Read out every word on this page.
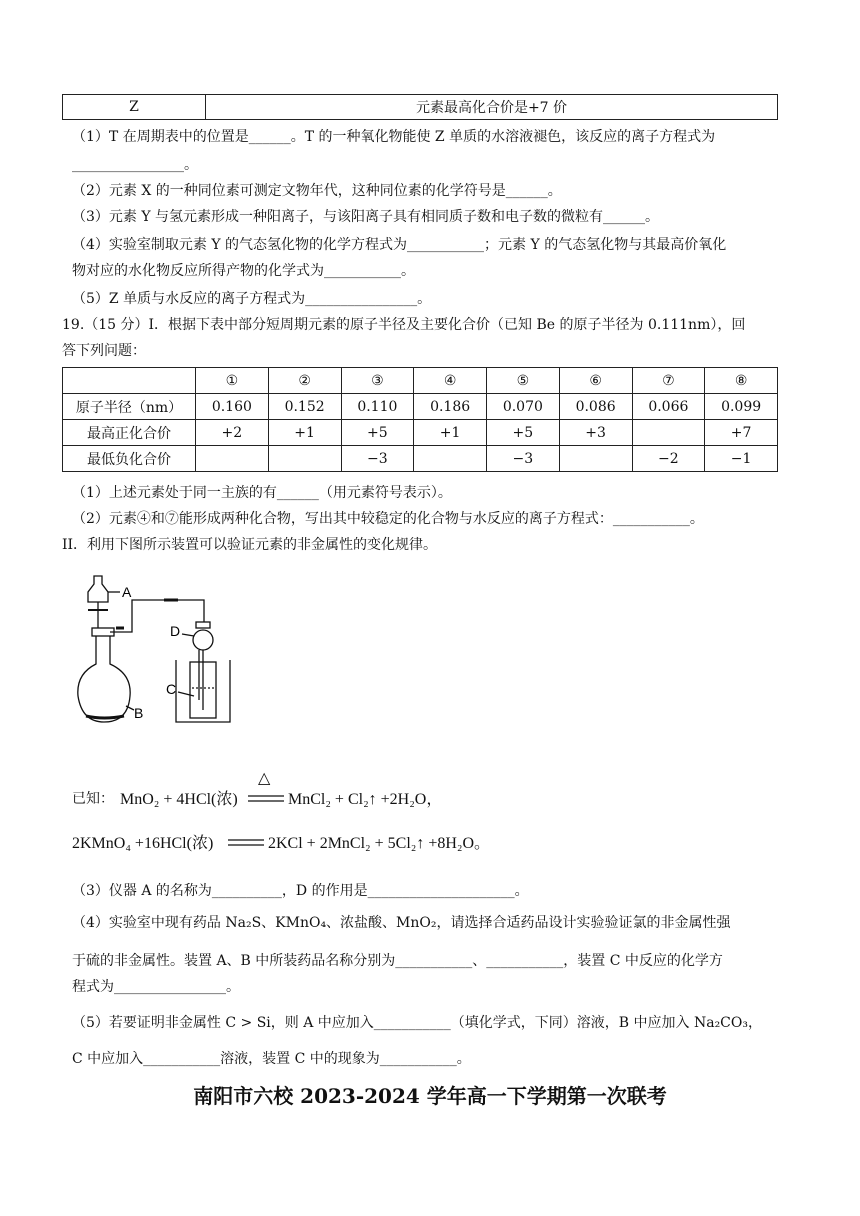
Z	元素最高化合价是+7 价
（1）T 在周期表中的位置是______。T 的一种氧化物能使 Z 单质的水溶液褪色，该反应的离子方程式为
________________。
（2）元素 X 的一种同位素可测定文物年代，这种同位素的化学符号是______。
（3）元素 Y 与氢元素形成一种阳离子，与该阳离子具有相同质子数和电子数的微粒有______。
（4）实验室制取元素 Y 的气态氢化物的化学方程式为___________；元素 Y 的气态氢化物与其最高价氧化
物对应的水化物反应所得产物的化学式为___________。
（5）Z 单质与水反应的离子方程式为________________。
19.（15 分）I．根据下表中部分短周期元素的原子半径及主要化合价（已知 Be 的原子半径为 0.111nm），回
答下列问题：
	①	②	③	④	⑤	⑥	⑦	⑧
原子半径（nm）	0.160	0.152	0.110	0.186	0.070	0.086	0.066	0.099
最高正化合价	+2	+1	+5	+1	+5	+3		+7
最低负化合价			−3		−3		−2	−1
（1）上述元素处于同一主族的有______（用元素符号表示）。
（2）元素④和⑦能形成两种化合物，写出其中较稳定的化合物与水反应的离子方程式：___________。
II．利用下图所示装置可以验证元素的非金属性的变化规律。
A
B
C
D
已知： MnO₂ + 4HCl(浓)
△
MnCl₂ + Cl₂↑ +2H₂O，
2KMnO₄ +16HCl(浓)	2KCl + 2MnCl₂ + 5Cl₂↑ +8H₂O。
（3）仪器 A 的名称为__________，D 的作用是_____________________。
（4）实验室中现有药品 Na₂S、KMnO₄、浓盐酸、MnO₂，请选择合适药品设计实验验证氯的非金属性强
于硫的非金属性。装置 A、B 中所装药品名称分别为___________、___________，装置 C 中反应的化学方
程式为________________。
（5）若要证明非金属性 C > Si，则 A 中应加入___________（填化学式，下同）溶液，B 中应加入 Na₂CO₃，
C 中应加入___________溶液，装置 C 中的现象为___________。
南阳市六校 2023-2024 学年高一下学期第一次联考
